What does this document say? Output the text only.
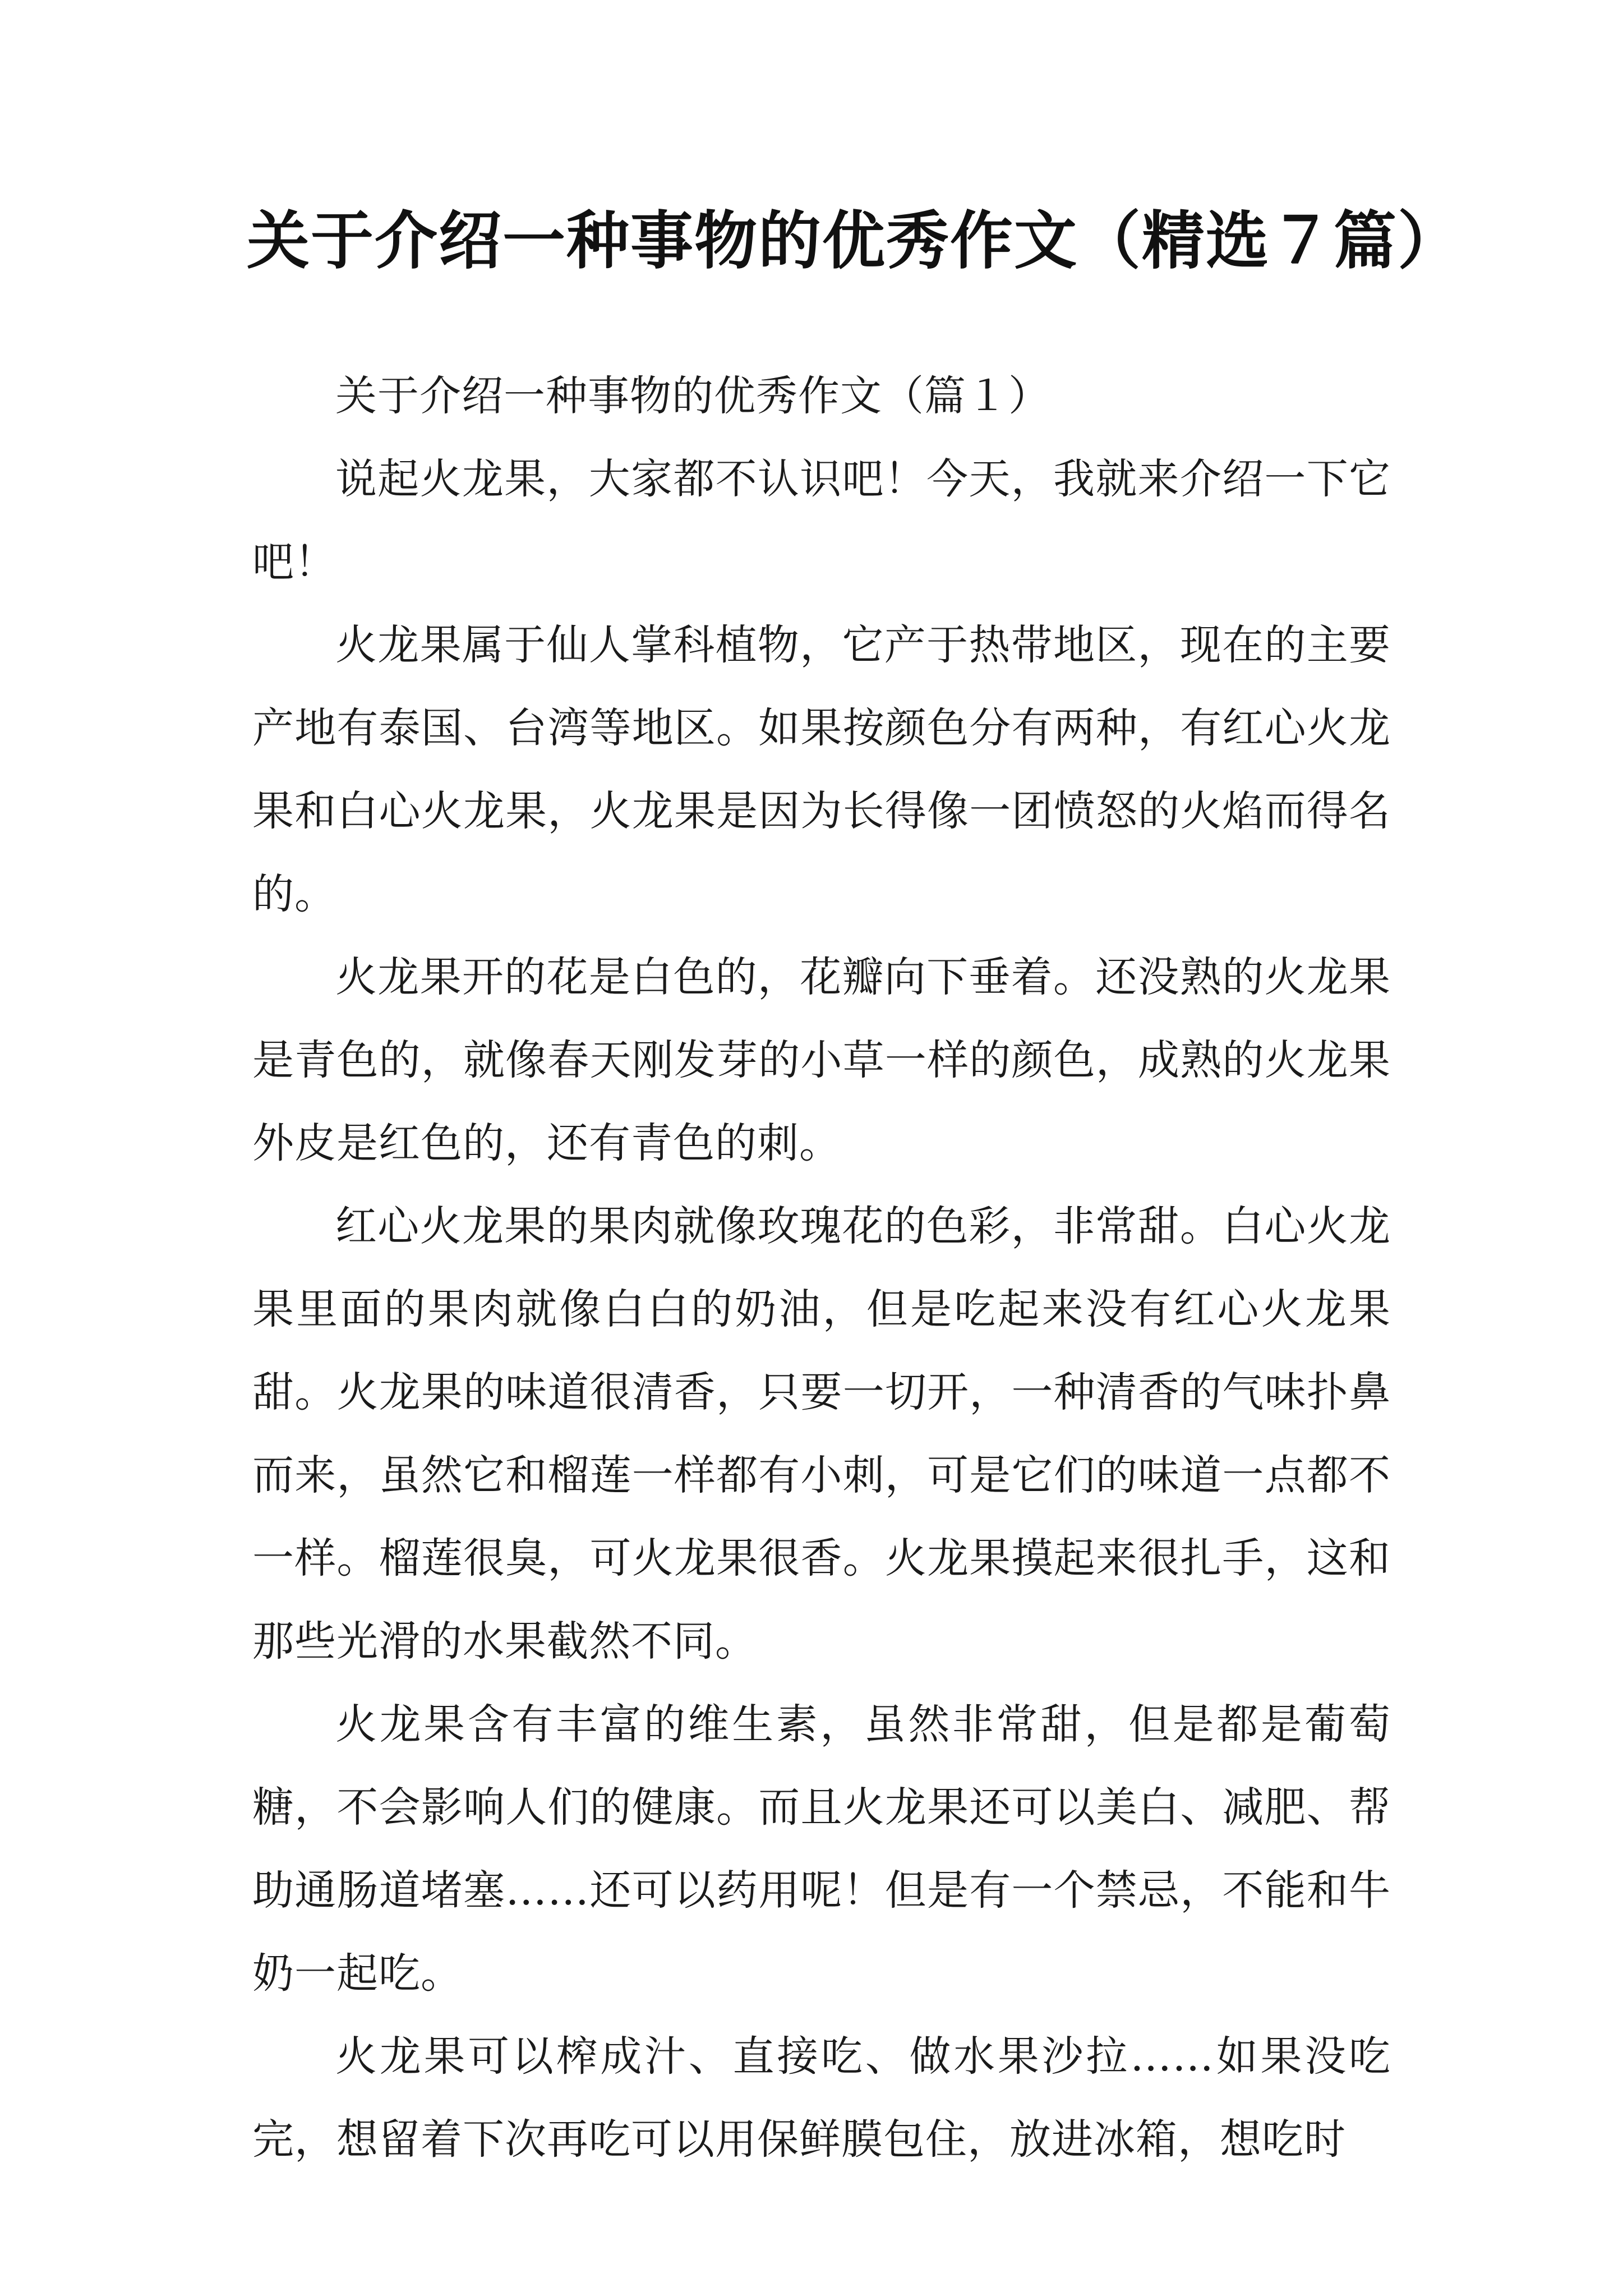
关于介绍一种事物的优秀作文（精选７篇）

关于介绍一种事物的优秀作文（篇１）

说起火龙果，大家都不认识吧！今天，我就来介绍一下它吧！

火龙果属于仙人掌科植物，它产于热带地区，现在的主要产地有泰国、台湾等地区。如果按颜色分有两种，有红心火龙果和白心火龙果，火龙果是因为长得像一团愤怒的火焰而得名的。

火龙果开的花是白色的，花瓣向下垂着。还没熟的火龙果是青色的，就像春天刚发芽的小草一样的颜色，成熟的火龙果外皮是红色的，还有青色的刺。

红心火龙果的果肉就像玫瑰花的色彩，非常甜。白心火龙果里面的果肉就像白白的奶油，但是吃起来没有红心火龙果甜。火龙果的味道很清香，只要一切开，一种清香的气味扑鼻而来，虽然它和榴莲一样都有小刺，可是它们的味道一点都不一样。榴莲很臭，可火龙果很香。火龙果摸起来很扎手，这和那些光滑的水果截然不同。

火龙果含有丰富的维生素，虽然非常甜，但是都是葡萄糖，不会影响人们的健康。而且火龙果还可以美白、减肥、帮助通肠道堵塞……还可以药用呢！但是有一个禁忌，不能和牛奶一起吃。

火龙果可以榨成汁、直接吃、做水果沙拉……如果没吃完，想留着下次再吃可以用保鲜膜包住，放进冰箱，想吃时
